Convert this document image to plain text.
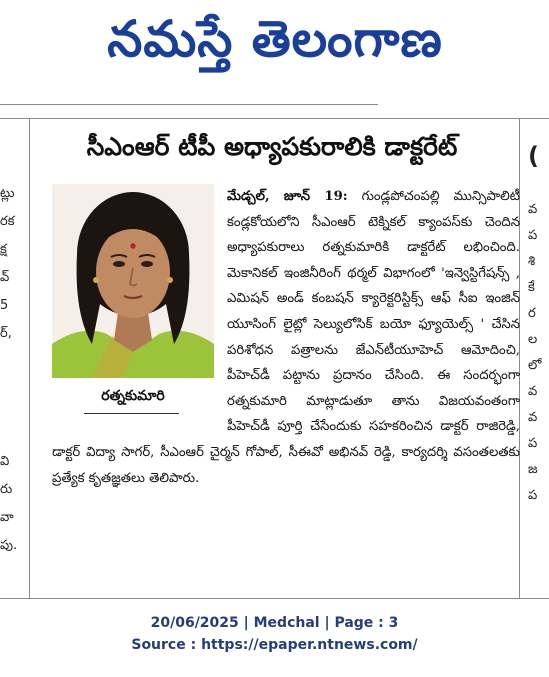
నమస్తే తెలంగాణ
ట్లు
రక
క్ష
వ్
5
ర్,
వి
రు
వా
పు.
(
వ
ప
శి
కే
ర
ల
లో
వ
వ
ప
జ
ప
సీఎంఆర్ టీపీ అధ్యాపకురాలికి డాక్టరేట్
మేడ్చల్, జూన్ 19: గుండ్లపోచంపల్లి మున్సిపాలిటీ కండ్లకోయలోని సీఎంఆర్ టెక్నికల్ క్యాంపస్‌కు చెందిన అధ్యాపకురాలు రత్నకుమారికి డాక్టరేట్ లభించింది. మెకానికల్ ఇంజినీరింగ్ థర్మల్ విభాగంలో 'ఇన్వెస్టిగేషన్స్ , ఎమిషన్ అండ్ కంబషన్ క్యారెక్టరిస్టిక్స్ ఆఫ్ సీఐ ఇంజిన్ యూసింగ్ లైట్లో సెల్యులోసిక్ బయో ఫ్యూయెల్స్ ' చేసిన పరిశోధన పత్రాలను జేఎన్‌టీయూహెచ్ ఆమోదించి, పీహెచ్‌డీ పట్టాను ప్రదానం చేసింది. ఈ సందర్భంగా రత్నకుమారి మాట్లాడుతూ తాను విజయవంతంగా పీహెచ్‌డీ పూర్తి చేసేందుకు సహకరించిన డాక్టర్ రాజిరెడ్డి, డాక్టర్ విద్యా సాగర్, సీఎంఆర్ చైర్మన్ గోపాల్, సీఈవో అభినవ్ రెడ్డి, కార్యదర్శి వసంతలతకు ప్రత్యేక కృతజ్ఞతలు తెలిపారు.
రత్నకుమారి
20/06/2025 | Medchal | Page : 3
Source : https://epaper.ntnews.com/
